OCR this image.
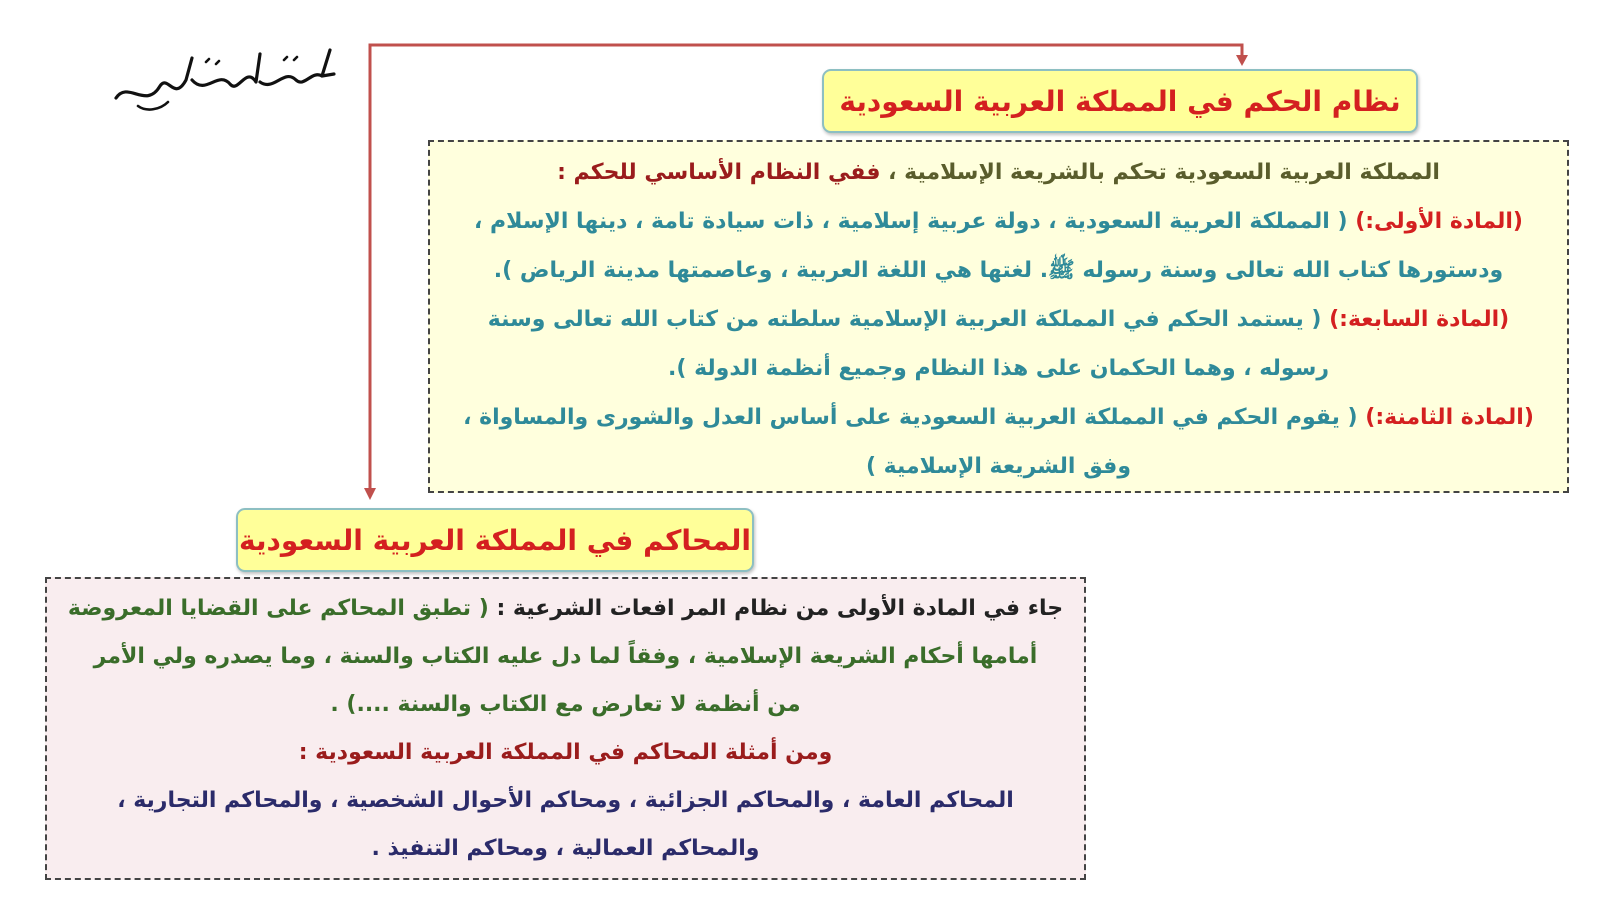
نظام الحكم في المملكة العربية السعودية
المملكة العربية السعودية تحكم بالشريعة الإسلامية ، ففي النظام الأساسي للحكم :
(المادة الأولى:) ( المملكة العربية السعودية ، دولة عربية إسلامية ، ذات سيادة تامة ، دينها الإسلام ،
ودستورها كتاب الله تعالى وسنة رسوله ﷺ. لغتها هي اللغة العربية ، وعاصمتها مدينة الرياض ).
(المادة السابعة:) ( يستمد الحكم في المملكة العربية الإسلامية سلطته من كتاب الله تعالى وسنة
رسوله ، وهما الحكمان على هذا النظام وجميع أنظمة الدولة ).
(المادة الثامنة:) ( يقوم الحكم في المملكة العربية السعودية على أساس العدل والشورى والمساواة ،
وفق الشريعة الإسلامية )
المحاكم في المملكة العربية السعودية
جاء في المادة الأولى من نظام المر افعات الشرعية : ( تطبق المحاكم على القضايا المعروضة
أمامها أحكام الشريعة الإسلامية ، وفقاً لما دل عليه الكتاب والسنة ، وما يصدره ولي الأمر
من أنظمة لا تعارض مع الكتاب والسنة ....) .
ومن أمثلة المحاكم في المملكة العربية السعودية :
المحاكم العامة ، والمحاكم الجزائية ، ومحاكم الأحوال الشخصية ، والمحاكم التجارية ،
والمحاكم العمالية ، ومحاكم التنفيذ .
